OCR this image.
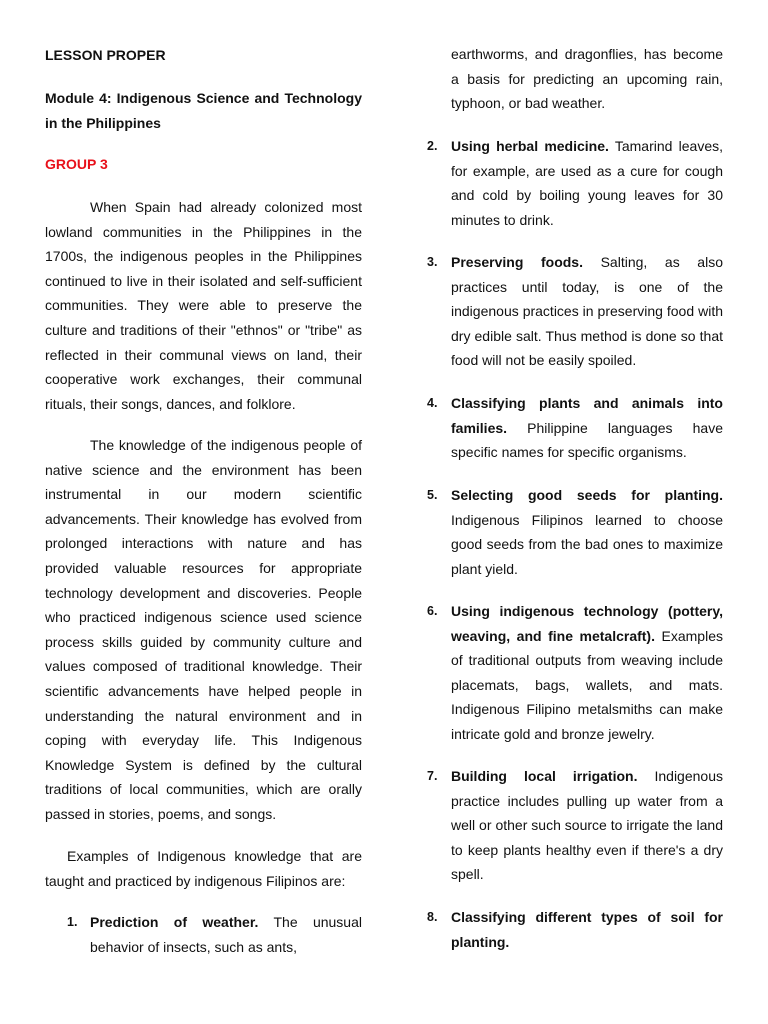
LESSON PROPER

Module 4: Indigenous Science and Technology in the Philippines

GROUP 3

When Spain had already colonized most lowland communities in the Philippines in the 1700s, the indigenous peoples in the Philippines continued to live in their isolated and self-sufficient communities. They were able to preserve the culture and traditions of their "ethnos" or "tribe" as reflected in their communal views on land, their cooperative work exchanges, their communal rituals, their songs, dances, and folklore.

The knowledge of the indigenous people of native science and the environment has been instrumental in our modern scientific advancements. Their knowledge has evolved from prolonged interactions with nature and has provided valuable resources for appropriate technology development and discoveries. People who practiced indigenous science used science process skills guided by community culture and values composed of traditional knowledge. Their scientific advancements have helped people in understanding the natural environment and in coping with everyday life. This Indigenous Knowledge System is defined by the cultural traditions of local communities, which are orally passed in stories, poems, and songs.

Examples of Indigenous knowledge that are taught and practiced by indigenous Filipinos are:

1. Prediction of weather. The unusual behavior of insects, such as ants,

earthworms, and dragonflies, has become a basis for predicting an upcoming rain, typhoon, or bad weather.

2. Using herbal medicine. Tamarind leaves, for example, are used as a cure for cough and cold by boiling young leaves for 30 minutes to drink.
3. Preserving foods. Salting, as also practices until today, is one of the indigenous practices in preserving food with dry edible salt. Thus method is done so that food will not be easily spoiled.
4. Classifying plants and animals into families. Philippine languages have specific names for specific organisms.
5. Selecting good seeds for planting. Indigenous Filipinos learned to choose good seeds from the bad ones to maximize plant yield.
6. Using indigenous technology (pottery, weaving, and fine metalcraft). Examples of traditional outputs from weaving include placemats, bags, wallets, and mats. Indigenous Filipino metalsmiths can make intricate gold and bronze jewelry.
7. Building local irrigation. Indigenous practice includes pulling up water from a well or other such source to irrigate the land to keep plants healthy even if there's a dry spell.
8. Classifying different types of soil for planting.
